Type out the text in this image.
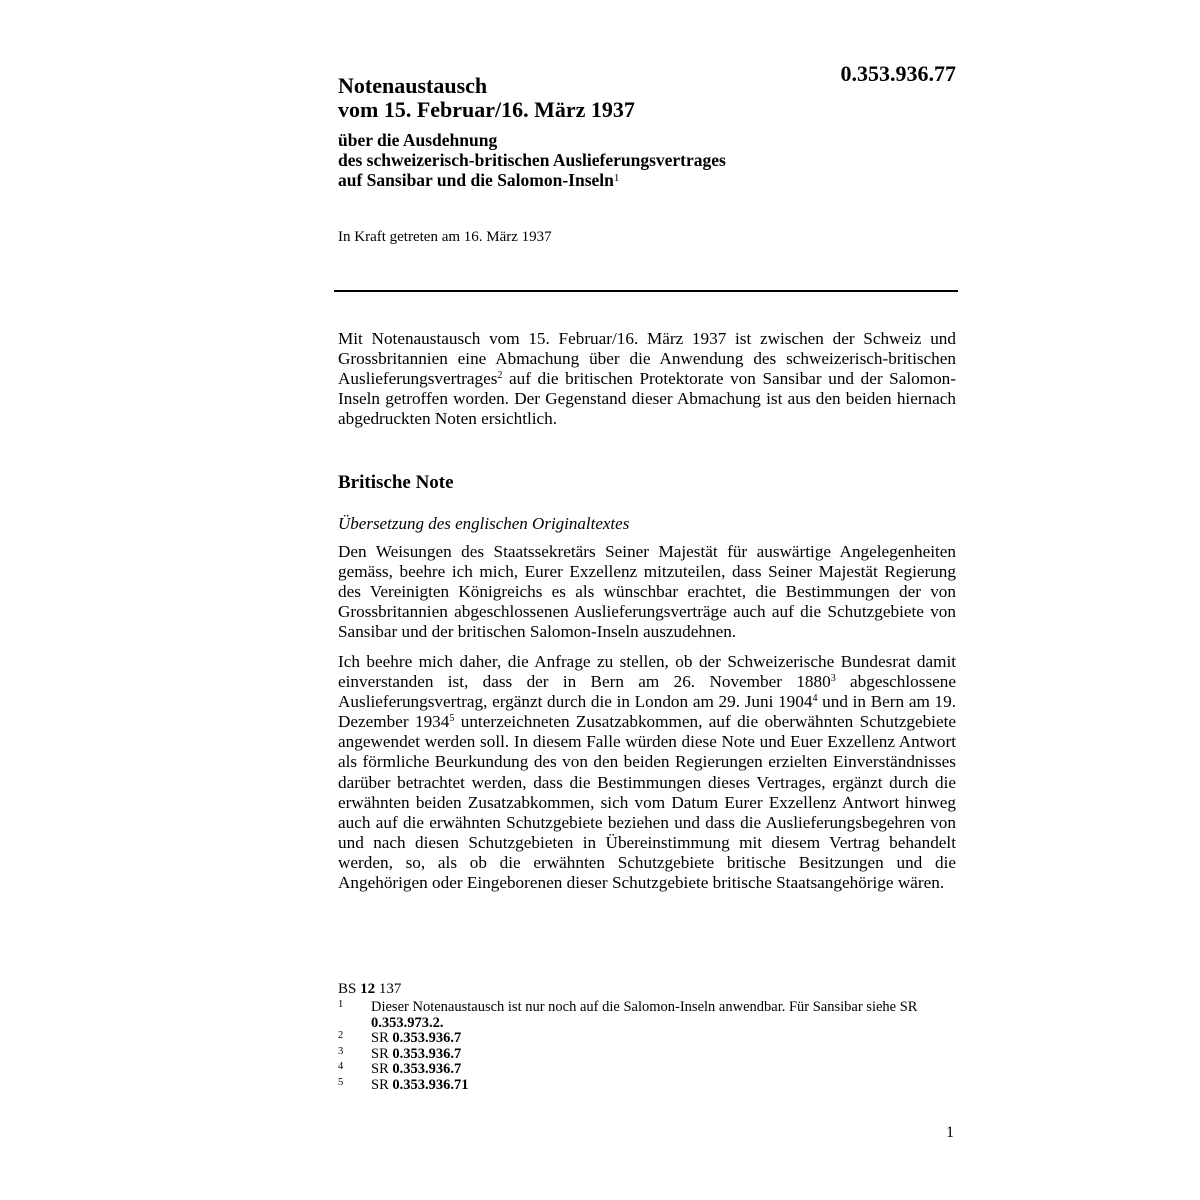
0.353.936.77
Notenaustausch
vom 15. Februar/16. März 1937
über die Ausdehnung
des schweizerisch-britischen Auslieferungsvertrages
auf Sansibar und die Salomon-Inseln$^1$
In Kraft getreten am 16. März 1937

Mit Notenaustausch vom 15. Februar/16. März 1937 ist zwischen der Schweiz und Grossbritannien eine Abmachung über die Anwendung des schweizerisch-britischen Auslieferungsvertrages$^2$ auf die britischen Protektorate von Sansibar und der Salomon-Inseln getroffen worden. Der Gegenstand dieser Abmachung ist aus den beiden hiernach abgedruckten Noten ersichtlich.

Britische Note
Übersetzung des englischen Originaltextes

Den Weisungen des Staatssekretärs Seiner Majestät für auswärtige Angelegenheiten gemäss, beehre ich mich, Eurer Exzellenz mitzuteilen, dass Seiner Majestät Regierung des Vereinigten Königreichs es als wünschbar erachtet, die Bestimmungen der von Grossbritannien abgeschlossenen Auslieferungsverträge auch auf die Schutzgebiete von Sansibar und der britischen Salomon-Inseln auszudehnen.

Ich beehre mich daher, die Anfrage zu stellen, ob der Schweizerische Bundesrat damit einverstanden ist, dass der in Bern am 26. November 1880$^3$ abgeschlossene Auslieferungsvertrag, ergänzt durch die in London am 29. Juni 1904$^4$ und in Bern am 19. Dezember 1934$^5$ unterzeichneten Zusatzabkommen, auf die oberwähnten Schutzgebiete angewendet werden soll. In diesem Falle würden diese Note und Euer Exzellenz Antwort als förmliche Beurkundung des von den beiden Regierungen erzielten Einverständnisses darüber betrachtet werden, dass die Bestimmungen dieses Vertrages, ergänzt durch die erwähnten beiden Zusatzabkommen, sich vom Datum Eurer Exzellenz Antwort hinweg auch auf die erwähnten Schutzgebiete beziehen und dass die Auslieferungsbegehren von und nach diesen Schutzgebieten in Übereinstimmung mit diesem Vertrag behandelt werden, so, als ob die erwähnten Schutzgebiete britische Besitzungen und die Angehörigen oder Eingeborenen dieser Schutzgebiete britische Staatsangehörige wären.

BS 12 137
1 Dieser Notenaustausch ist nur noch auf die Salomon-Inseln anwendbar. Für Sansibar siehe SR 0.353.973.2.
2 SR 0.353.936.7
3 SR 0.353.936.7
4 SR 0.353.936.7
5 SR 0.353.936.71
1
